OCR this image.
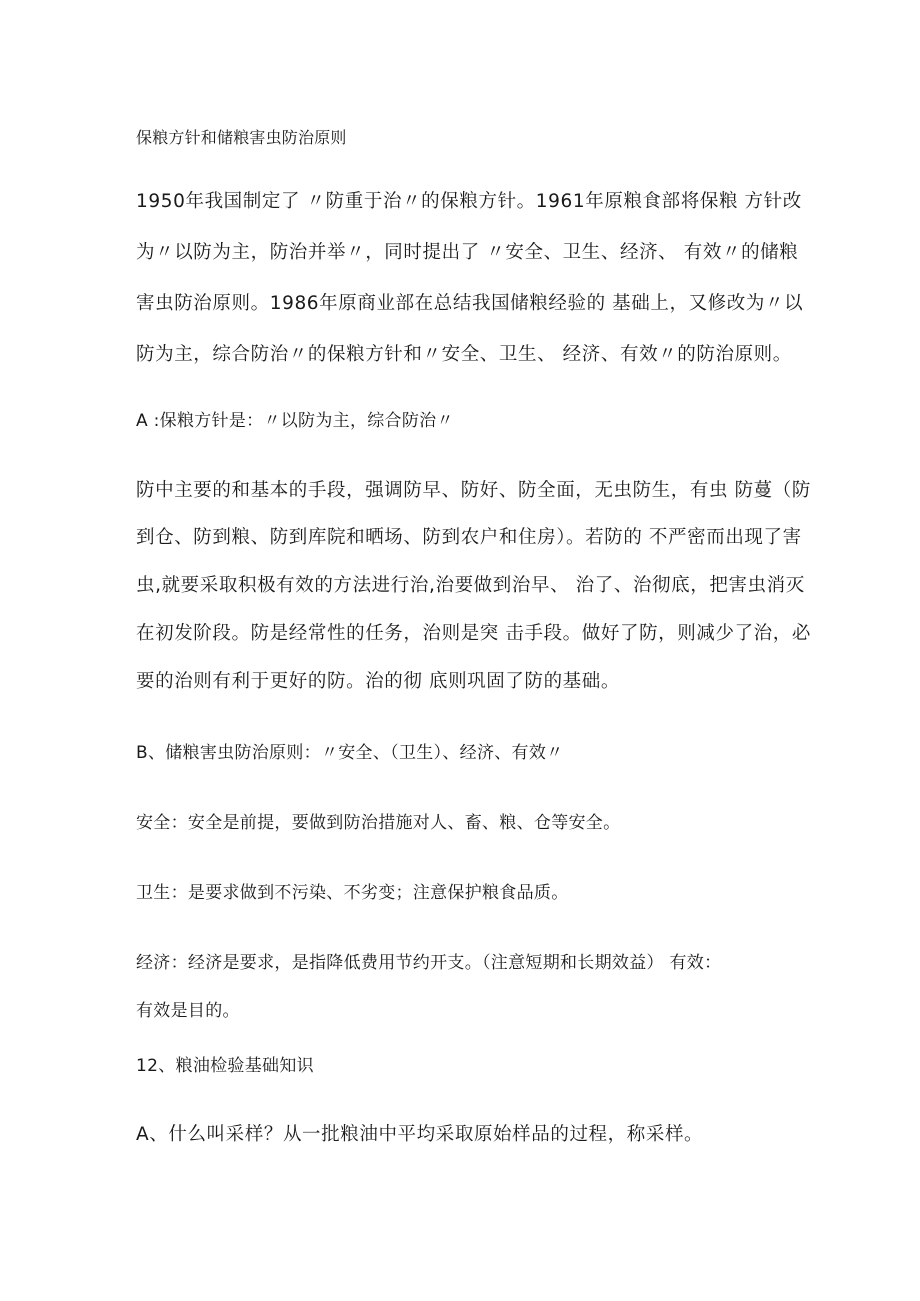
保粮方针和储粮害虫防治原则
1950年我国制定了 〃防重于治〃的保粮方针。1961年原粮食部将保粮 方针改
为〃以防为主，防治并举〃，同时提出了 〃安全、卫生、经济、 有效〃的储粮
害虫防治原则。1986年原商业部在总结我国储粮经验的 基础上，又修改为〃以
防为主，综合防治〃的保粮方针和〃安全、卫生、 经济、有效〃的防治原则。
A :保粮方针是：〃以防为主，综合防治〃
防中主要的和基本的手段，强调防早、防好、防全面，无虫防生，有虫 防蔓（防
到仓、防到粮、防到库院和晒场、防到农户和住房）。若防的 不严密而出现了害
虫,就要采取积极有效的方法进行治,治要做到治早、 治了、治彻底，把害虫消灭
在初发阶段。防是经常性的任务，治则是突 击手段。做好了防，则减少了治，必
要的治则有利于更好的防。治的彻 底则巩固了防的基础。
B、储粮害虫防治原则：〃安全、（卫生）、经济、有效〃
安全：安全是前提，要做到防治措施对人、畜、粮、仓等安全。
卫生：是要求做到不污染、不劣变；注意保护粮食品质。
经济：经济是要求，是指降低费用节约开支。（注意短期和长期效益） 有效：
有效是目的。
12、粮油检验基础知识
A、什么叫采样？从一批粮油中平均采取原始样品的过程，称采样。
